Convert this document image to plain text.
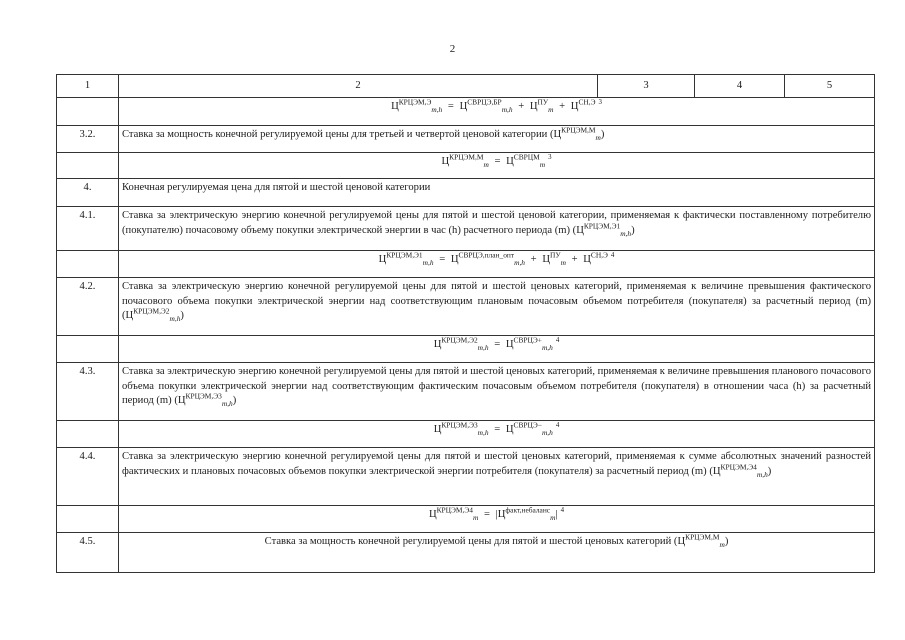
2
1	2	3	4	5
	$Ц^{КРЦЭМ,Э}_{m,h} = Ц^{СВРЦЭ,БР}_{m,h} + Ц^{ПУ}_m + Ц^{СН,Э}$ $^3$
3.2.	Ставка за мощность конечной регулируемой цены для третьей и четвертой ценовой категории $(Ц^{КРЦЭМ,М}_m)$			
	$Ц^{КРЦЭМ,М}_m = Ц^{СВРЦМ}_m^3$
4.	Конечная регулируемая цена для пятой и шестой ценовой категории			
4.1.	Ставка за электрическую энергию конечной регулируемой цены для пятой и шестой ценовой категории, применяемая к фактически поставленному потребителю (покупателю) почасовому объему покупки электрической энергии в час (h) расчетного периода (m) $(Ц^{КРЦЭМ,Э1}_{m,h})$			
	$Ц^{КРЦЭМ,Э1}_{m,h} = Ц^{СВРЦЭ,план\_опт}_{m,h} + Ц^{ПУ}_m + Ц^{СН,Э}$ $^4$
4.2.	Ставка за электрическую энергию конечной регулируемой цены для пятой и шестой ценовых категорий, применяемая к величине превышения фактического почасового объема покупки электрической энергии над соответствующим плановым почасовым объемом потребителя (покупателя) за расчетный период (m) $(Ц^{КРЦЭМ,Э2}_{m,h})$			
	$Ц^{КРЦЭМ,Э2}_{m,h} = Ц^{СВРЦЭ+}_{m,h}^4$
4.3.	Ставка за электрическую энергию конечной регулируемой цены для пятой и шестой ценовых категорий, применяемая к величине превышения планового почасового объема покупки электрической энергии над соответствующим фактическим почасовым объемом потребителя (покупателя) в отношении часа (h) за расчетный период (m) $(Ц^{КРЦЭМ,Э3}_{m,h})$			
	$Ц^{КРЦЭМ,Э3}_{m,h} = Ц^{СВРЦЭ-}_{m,h}^4$
4.4.	Ставка за электрическую энергию конечной регулируемой цены для пятой и шестой ценовых категорий, применяемая к сумме абсолютных значений разностей фактических и плановых почасовых объемов покупки электрической энергии потребителя (покупателя) за расчетный период (m) $(Ц^{КРЦЭМ,Э4}_{m,h})$			
	$Ц^{КРЦЭМ,Э4}_m = |Ц^{факт,небаланс}_m|$ $^4$
4.5.	Ставка за мощность конечной регулируемой цены для пятой и шестой ценовых категорий $(Ц^{КРЦЭМ,М}_m)$			
